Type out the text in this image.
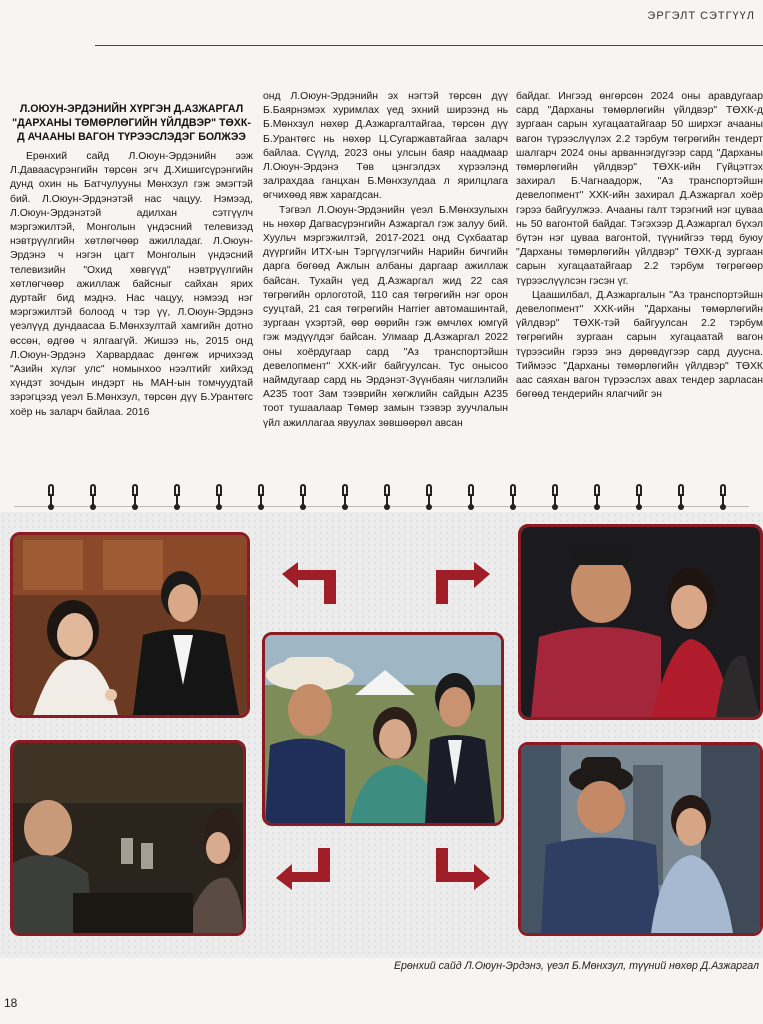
ЭРГЭЛТ СЭТГҮҮЛ

Л.ОЮУН-ЭРДЭНИЙН ХҮРГЭН Д.АЗЖАРГАЛ "ДАРХАНЫ ТӨМӨРЛӨГИЙН ҮЙЛДВЭР" ТӨХК-Д АЧААНЫ ВАГОН ТҮРЭЭСЛЭДЭГ БОЛЖЭЭ

Ерөнхий сайд Л.Оюун-Эрдэнийн ээж Л.Даваасүрэнгийн төрсөн эгч Д.Хишигсүрэнгийн дунд охин нь Батчулууны Мөнхзул гэж эмэгтэй бий. Л.Оюун-Эрдэнэтэй нас чацуу. Нэмээд, Л.Оюун-Эрдэнэтэй адилхан сэтгүүлч мэргэжилтэй, Монголын үндэсний телевизэд нэвтрүүлгийн хөтлөгчөөр ажилладаг. Л.Оюун-Эрдэнэ ч нэгэн цагт Монголын үндэсний телевизийн "Охид хөвгүүд" нэвтрүүлгийн хөтлөгчөөр ажиллаж байсныг сайхан ярих дуртайг бид мэднэ. Нас чацуу, нэмээд нэг мэргэжилтэй болоод ч тэр үү, Л.Оюун-Эрдэнэ үеэлүүд дундаасаа Б.Мөнхзултай хамгийн дотно өссөн, өдгөө ч ялгаагүй. Жишээ нь, 2015 онд Л.Оюун-Эрдэнэ Харвардаас дөнгөж ирчихээд "Азийн хүлэг улс" номынхоо нээлтийг хийхэд хүндэт зочдын индэрт нь МАН-ын томчуудтай зэрэгцээд үеэл Б.Мөнхзул, төрсөн дүү Б.Урантөгс хоёр нь заларч байлаа. 2016

онд Л.Оюун-Эрдэнийн эх нэгтэй төрсөн дүү Б.Баярнэмэх хуримлах үед эхний ширээнд нь Б.Мөнхзул нөхөр Д.Азжаргалтайгаа, төрсөн дүү Б.Урантөгс нь нөхөр Ц.Сугаржавтайгаа заларч байлаа. Сүүлд, 2023 оны улсын баяр наадмаар Л.Оюун-Эрдэнэ Төв цэнгэлдэх хүрээлэнд залрахдаа ганцхан Б.Мөнхзулдаа л ярилцлага өгчихөөд явж харагдсан.

Тэгвэл Л.Оюун-Эрдэнийн үеэл Б.Мөнхзулыхн нь нөхөр Дагвасүрэнгийн Азжаргал гэж залуу бий. Хуульч мэргэжилтэй, 2017-2021 онд Сүхбаатар дүүргийн ИТХ-ын Тэргүүлэгчийн Нарийн бичгийн дарга бөгөөд Ажлын албаны даргаар ажиллаж байсан. Тухайн үед Д.Азжаргал жид 22 сая төгрөгийн орлоготой, 110 сая төгрөгийн нэг орон сууцтай, 21 сая төгрөгийн Harrier автомашинтай, зургаан үхэртэй, өөр өөрийн гэж өмчлөх юмгүй гэж мэдүүлдэг байсан. Улмаар Д.Азжаргал 2022 оны хоёрдугаар сард "Аз транспортэйшн девелопмент" ХХК-ийг байгуулсан. Тус онысоо наймдугаар сард нь Эрдэнэт-Зүүнбаян чиглэлийн А235 тоот Зам тээврийн хөгжлийн сайдын А235 тоот тушаалаар Төмөр замын тээвэр зуучлалын үйл ажиллагаа явуулах зөвшөөрөл авсан

байдаг. Ингээд өнгөрсөн 2024 оны аравдугаар сард "Дарханы төмөрлөгийн үйлдвэр" ТӨХК-д зургаан сарын хугацаатайгаар 50 ширхэг ачааны вагон түрээслүүлэх 2.2 тэрбум төгрөгийн тендерт шалгарч 2024 оны арваннэгдүгээр сард "Дарханы төмөрлөгийн үйлдвэр" ТӨХК-ийн Гүйцэтгэх захирал Б.Чагнаадорж, "Аз транспортэйшн девелопмент" ХХК-ийн захирал Д.Азжаргал хоёр гэрээ байгуулжээ. Ачааны галт тэрэгний нэг цуваа нь 50 вагонтой байдаг. Тэгэхээр Д.Азжаргал бүхэл бүтэн нэг цуваа вагонтой, түүнийгээ төрд буюу "Дарханы төмөрлөгийн үйлдвэр" ТӨХК-д зургаан сарын хугацаатайгаар 2.2 тэрбум төгрөгөөр түрээслүүлсэн гэсэн үг.

Цаашилбал, Д.Азжаргалын "Аз транспортэйшн девелопмент" ХХК-ийн "Дарханы төмөрлөгийн үйлдвэр" ТӨХК-тэй байгуулсан 2.2 тэрбум төгрөгийн зургаан сарын хугацаатай вагон түрээсийн гэрээ энэ дөрөвдүгээр сард дуусна. Тиймээс "Дарханы төмөрлөгийн үйлдвэр" ТӨХК аас саяхан вагон түрээслэх авах тендер зарласан бөгөөд тендерийн ялагчийг эн

Ерөнхий сайд Л.Оюун-Эрдэнэ, үеэл Б.Мөнхзул, түүний нөхөр Д.Азжаргал
18
